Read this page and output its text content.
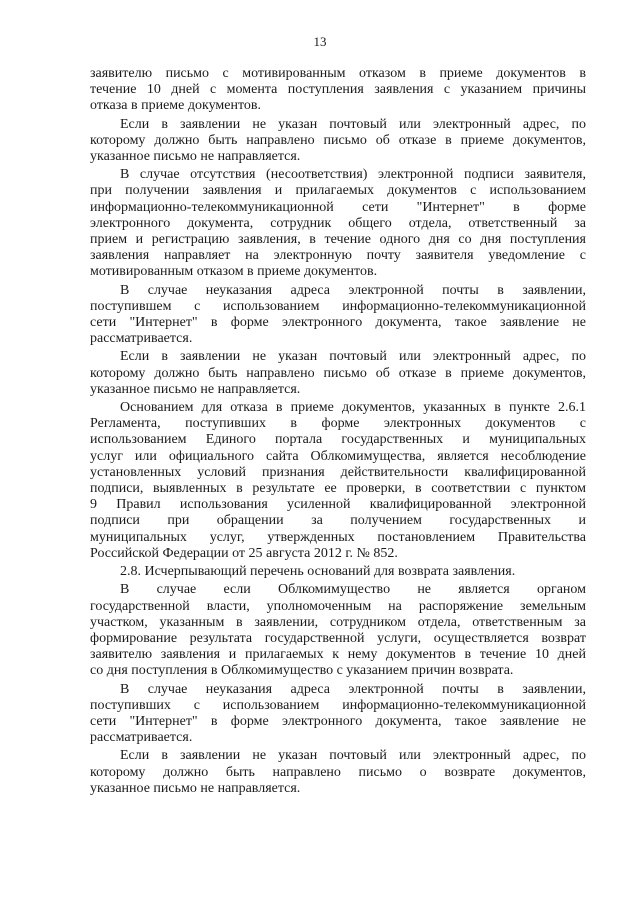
13
заявителю письмо с мотивированным отказом в приеме документов в
течение 10 дней с момента поступления заявления с указанием причины
отказа в приеме документов.
Если в заявлении не указан почтовый или электронный адрес, по
которому должно быть направлено письмо об отказе в приеме документов,
указанное письмо не направляется.
В случае отсутствия (несоответствия) электронной подписи заявителя,
при получении заявления и прилагаемых документов с использованием
информационно-телекоммуникационной сети "Интернет" в форме
электронного документа, сотрудник общего отдела, ответственный за
прием и регистрацию заявления, в течение одного дня со дня поступления
заявления направляет на электронную почту заявителя уведомление с
мотивированным отказом в приеме документов.
В случае неуказания адреса электронной почты в заявлении,
поступившем с использованием информационно-телекоммуникационной
сети "Интернет" в форме электронного документа, такое заявление не
рассматривается.
Если в заявлении не указан почтовый или электронный адрес, по
которому должно быть направлено письмо об отказе в приеме документов,
указанное письмо не направляется.
Основанием для отказа в приеме документов, указанных в пункте 2.6.1
Регламента, поступивших в форме электронных документов с
использованием Единого портала государственных и муниципальных
услуг или официального сайта Облкомимущества, является несоблюдение
установленных условий признания действительности квалифицированной
подписи, выявленных в результате ее проверки, в соответствии с пунктом
9 Правил использования усиленной квалифицированной электронной
подписи при обращении за получением государственных и
муниципальных услуг, утвержденных постановлением Правительства
Российской Федерации от 25 августа 2012 г. № 852.
2.8. Исчерпывающий перечень оснований для возврата заявления.
В случае если Облкомимущество не является органом
государственной власти, уполномоченным на распоряжение земельным
участком, указанным в заявлении, сотрудником отдела, ответственным за
формирование результата государственной услуги, осуществляется возврат
заявителю заявления и прилагаемых к нему документов в течение 10 дней
со дня поступления в Облкомимущество с указанием причин возврата.
В случае неуказания адреса электронной почты в заявлении,
поступивших с использованием информационно-телекоммуникационной
сети "Интернет" в форме электронного документа, такое заявление не
рассматривается.
Если в заявлении не указан почтовый или электронный адрес, по
которому должно быть направлено письмо о возврате документов,
указанное письмо не направляется.
